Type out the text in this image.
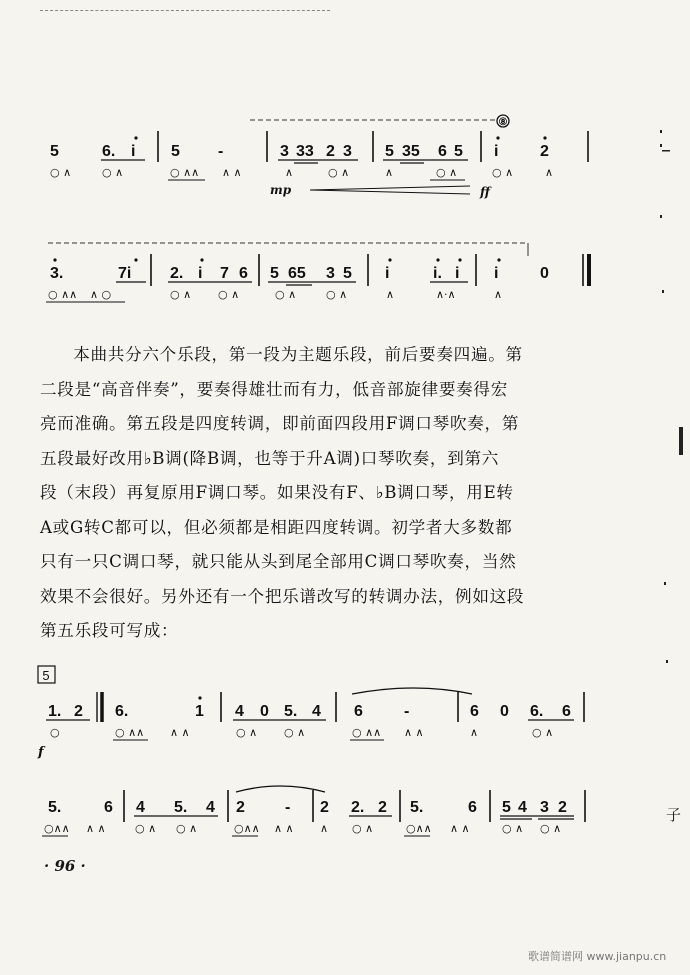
⑧
5	6. i 5 -	3 33 2 3 5 35 6 5 i	2
○ ∧	○ ∧	○ ∧∧ ∧ ∧	∧	○ ∧	∧	○ ∧	○ ∧	∧
mp	ff
3.	7i 2. i 7 6 5 65 3 5 i	i. i i	0
○ ∧∧ ∧ ○	○ ∧ ○ ∧	○ ∧	○ ∧	∧	∧·∧	∧
5
1. 2 6.	1 4 0 5. 4 6	-	6 0 6. 6
○	○ ∧∧ ∧ ∧	○ ∧ ○ ∧	○ ∧∧ ∧ ∧	∧	○ ∧
f
5.	6 4 5. 4 2	- 2 2. 2 5.	6 5 4 3 2
○∧∧ ∧ ∧	○ ∧ ○ ∧	○∧∧ ∧ ∧ ∧ ○ ∧	○∧∧ ∧ ∧	○ ∧ ○ ∧

本曲共分六个乐段，第一段为主题乐段，前后要奏四遍。第

二段是“高音伴奏”，要奏得雄壮而有力，低音部旋律要奏得宏
亮而准确。第五段是四度转调，即前面四段用F调口琴吹奏，第
五段最好改用♭B调(降B调，也等于升A调)口琴吹奏，到第六
段（末段）再复原用F调口琴。如果没有F、♭B调口琴，用E转
A或G转C都可以，但必须都是相距四度转调。初学者大多数都
只有一只C调口琴，就只能从头到尾全部用C调口琴吹奏，当然
效果不会很好。另外还有一个把乐谱改写的转调办法，例如这段
第五乐段可写成：
· 96 ·
子
歌谱简谱网 www.jianpu.cn
